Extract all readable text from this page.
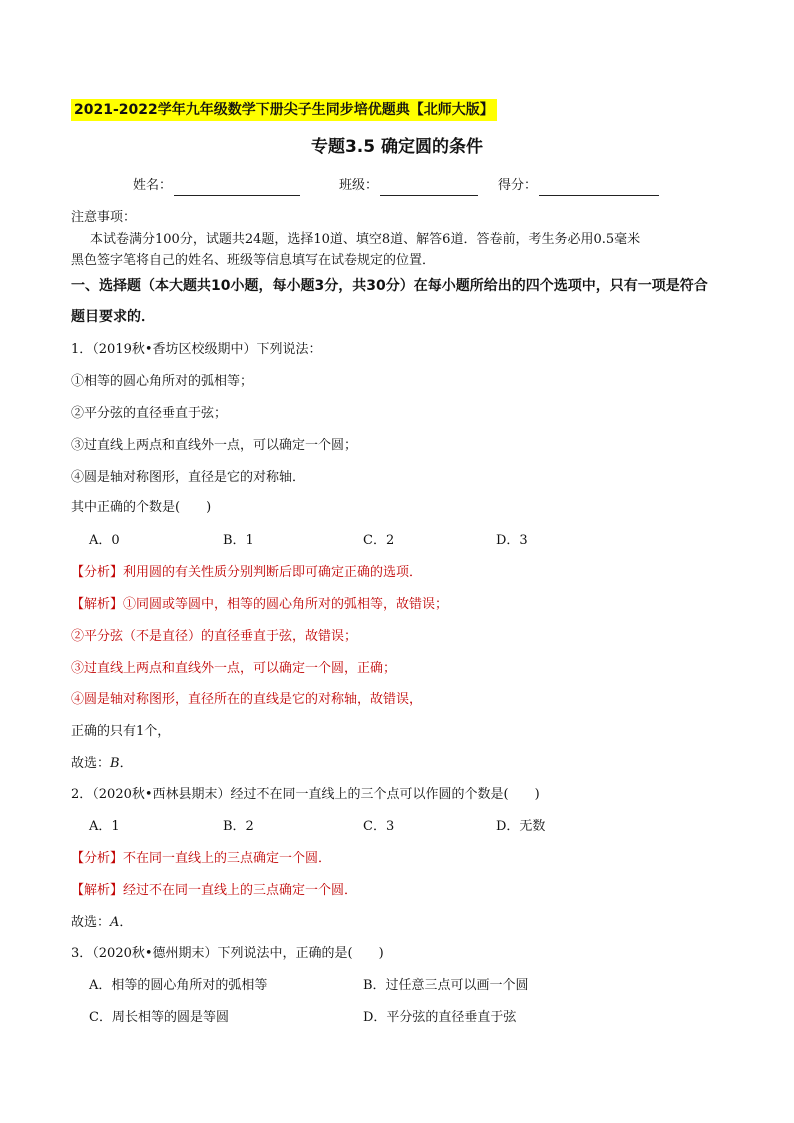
2021-2022学年九年级数学下册尖子生同步培优题典【北师大版】
专题3.5 确定圆的条件
姓名：	班级：	得分：
注意事项：
本试卷满分100分，试题共24题，选择10道、填空8道、解答6道．答卷前，考生务必用0.5毫米
黑色签字笔将自己的姓名、班级等信息填写在试卷规定的位置．
一、选择题（本大题共10小题，每小题3分，共30分）在每小题所给出的四个选项中，只有一项是符合
题目要求的．
1．（2019秋•香坊区校级期中）下列说法：
①相等的圆心角所对的弧相等；
②平分弦的直径垂直于弦；
③过直线上两点和直线外一点，可以确定一个圆；
④圆是轴对称图形，直径是它的对称轴．
其中正确的个数是(　　)
A．0	B．1	C．2	D．3
【分析】利用圆的有关性质分别判断后即可确定正确的选项．
【解析】①同圆或等圆中，相等的圆心角所对的弧相等，故错误；
②平分弦（不是直径）的直径垂直于弦，故错误；
③过直线上两点和直线外一点，可以确定一个圆，正确；
④圆是轴对称图形，直径所在的直线是它的对称轴，故错误，
正确的只有1个，
故选：B．
2．（2020秋•西林县期末）经过不在同一直线上的三个点可以作圆的个数是(　　)
A．1	B．2	C．3	D．无数
【分析】不在同一直线上的三点确定一个圆．
【解析】经过不在同一直线上的三点确定一个圆．
故选：A．
3．（2020秋•德州期末）下列说法中，正确的是(　　)
A．相等的圆心角所对的弧相等	B．过任意三点可以画一个圆
C．周长相等的圆是等圆	D．平分弦的直径垂直于弦
